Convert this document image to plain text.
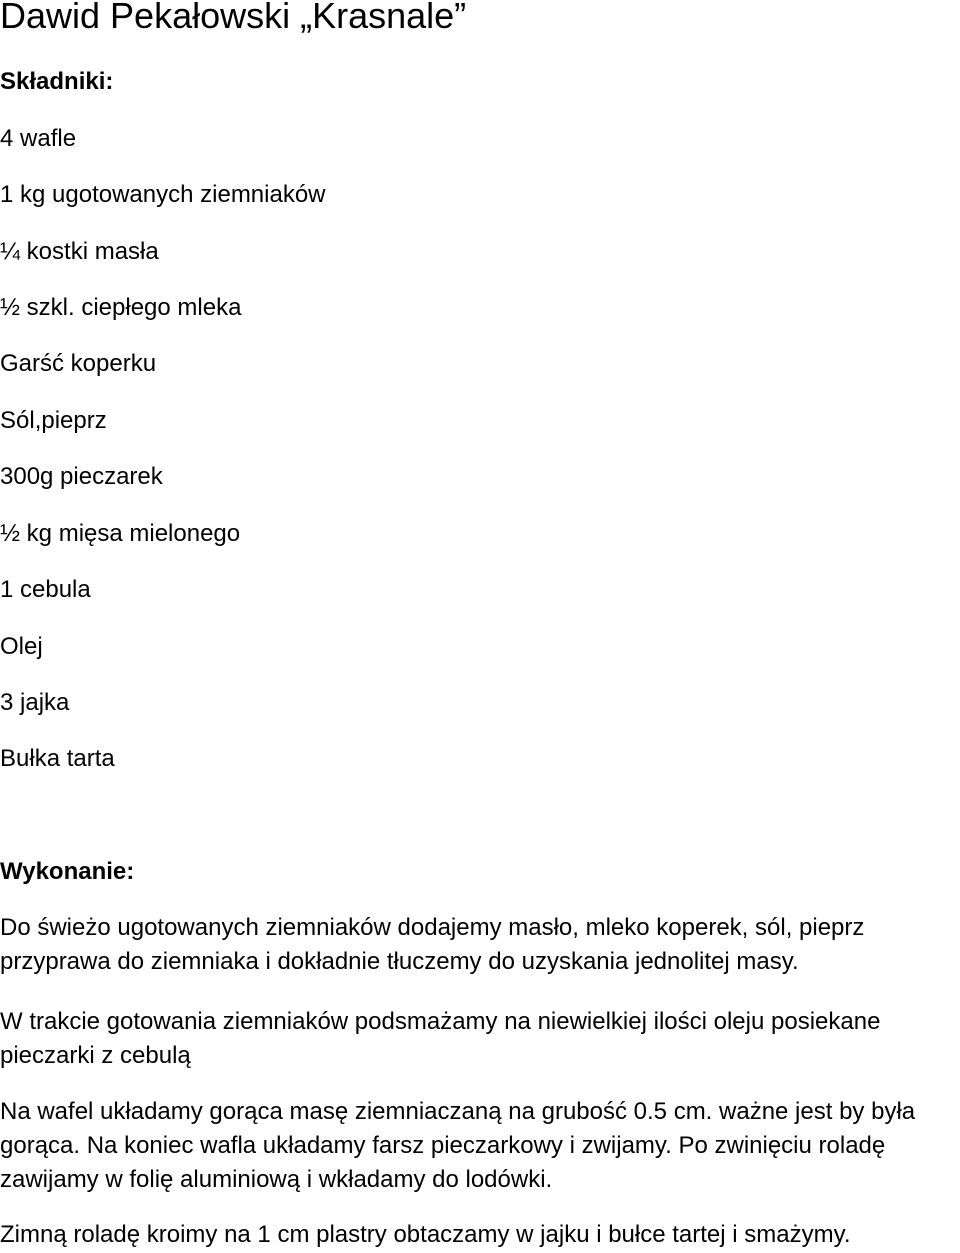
Dawid Pekałowski „Krasnale”
Składniki:

4 wafle

1 kg ugotowanych ziemniaków

¼ kostki masła

½ szkl. ciepłego mleka

Garść koperku

Sól,pieprz

300g pieczarek

½ kg mięsa mielonego

1 cebula

Olej

3 jajka

Bułka tarta

Wykonanie:

Do świeżo ugotowanych ziemniaków dodajemy masło, mleko koperek, sól, pieprz przyprawa do ziemniaka i dokładnie tłuczemy do uzyskania jednolitej masy.

W trakcie gotowania ziemniaków podsmażamy na niewielkiej ilości oleju posiekane pieczarki z cebulą

Na wafel układamy gorąca masę ziemniaczaną na grubość 0.5 cm. ważne jest by była gorąca. Na koniec wafla układamy farsz pieczarkowy i zwijamy. Po zwinięciu roladę zawijamy w folię aluminiową i wkładamy do lodówki.

Zimną roladę kroimy na 1 cm plastry obtaczamy w jajku i bułce tartej i smażymy.
